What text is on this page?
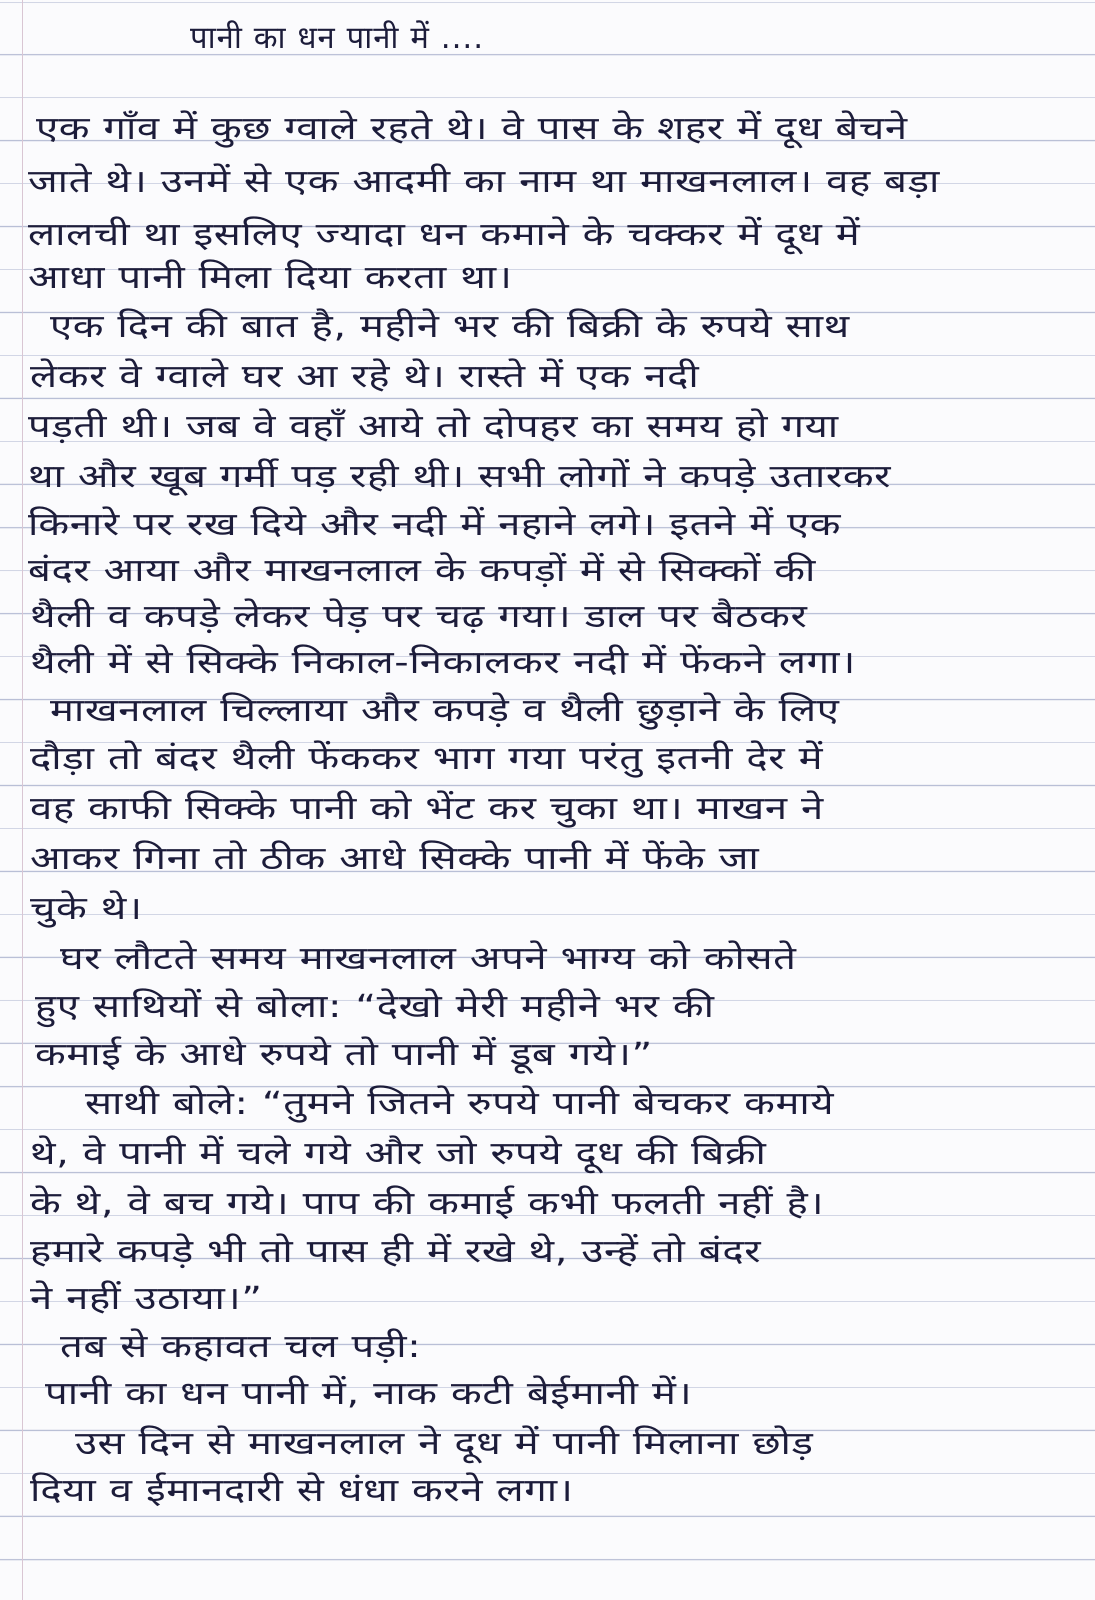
पानी का धन पानी में ....
एक गाँव में कुछ ग्वाले रहते थे। वे पास के शहर में दूध बेचने
जाते थे। उनमें से एक आदमी का नाम था माखनलाल। वह बड़ा
लालची था इसलिए ज्यादा धन कमाने के चक्कर में दूध में
आधा पानी मिला दिया करता था।
एक दिन की बात है, महीने भर की बिक्री के रुपये साथ
लेकर वे ग्वाले घर आ रहे थे। रास्ते में एक नदी
पड़ती थी। जब वे वहाँ आये तो दोपहर का समय हो गया
था और खूब गर्मी पड़ रही थी। सभी लोगों ने कपड़े उतारकर
किनारे पर रख दिये और नदी में नहाने लगे। इतने में एक
बंदर आया और माखनलाल के कपड़ों में से सिक्कों की
थैली व कपड़े लेकर पेड़ पर चढ़ गया। डाल पर बैठकर
थैली में से सिक्के निकाल-निकालकर नदी में फेंकने लगा।
माखनलाल चिल्लाया और कपड़े व थैली छुड़ाने के लिए
दौड़ा तो बंदर थैली फेंककर भाग गया परंतु इतनी देर में
वह काफी सिक्के पानी को भेंट कर चुका था। माखन ने
आकर गिना तो ठीक आधे सिक्के पानी में फेंके जा
चुके थे।
घर लौटते समय माखनलाल अपने भाग्य को कोसते
हुए साथियों से बोला: “देखो मेरी महीने भर की
कमाई के आधे रुपये तो पानी में डूब गये।”
साथी बोले: “तुमने जितने रुपये पानी बेचकर कमाये
थे, वे पानी में चले गये और जो रुपये दूध की बिक्री
के थे, वे बच गये। पाप की कमाई कभी फलती नहीं है।
हमारे कपड़े भी तो पास ही में रखे थे, उन्हें तो बंदर
ने नहीं उठाया।”
तब से कहावत चल पड़ी:
पानी का धन पानी में, नाक कटी बेईमानी में।
उस दिन से माखनलाल ने दूध में पानी मिलाना छोड़
दिया व ईमानदारी से धंधा करने लगा।
